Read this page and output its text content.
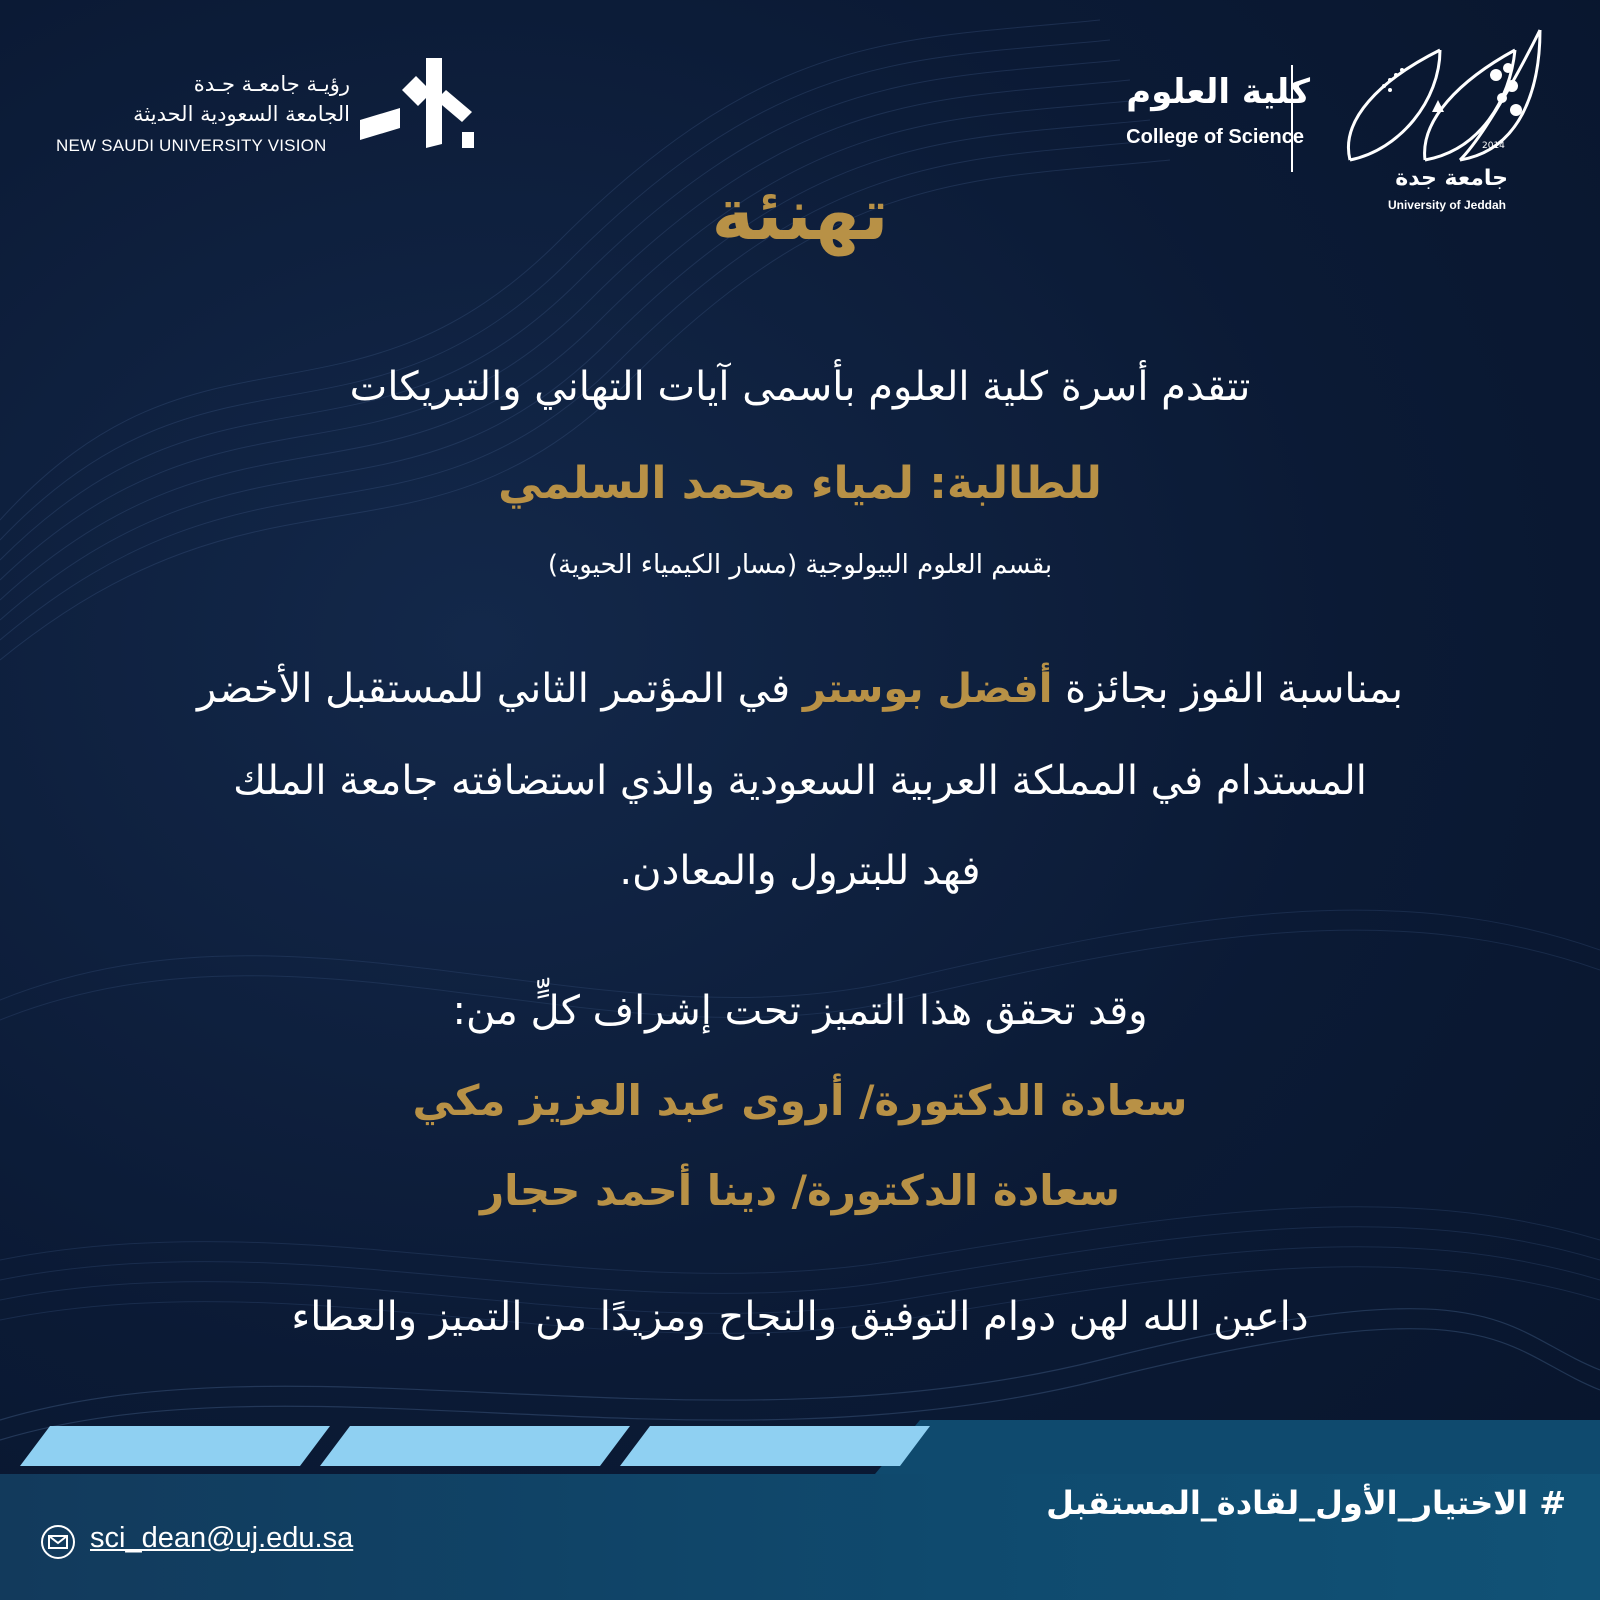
2014
كلية العلوم
College of Science
جامعة جدة
University of Jeddah
رؤيـة جامعـة جـدة
الجامعة السعودية الحديثة
NEW SAUDI UNIVERSITY VISION
تهنئة
تتقدم أسرة كلية العلوم بأسمى آيات التهاني والتبريكات
للطالبة: لمياء محمد السلمي
بقسم العلوم البيولوجية (مسار الكيمياء الحيوية)
بمناسبة الفوز بجائزة أفضل بوستر في المؤتمر الثاني للمستقبل الأخضر
المستدام في المملكة العربية السعودية والذي استضافته جامعة الملك
فهد للبترول والمعادن.
وقد تحقق هذا التميز تحت إشراف كلٍّ من:
سعادة الدكتورة/ أروى عبد العزيز مكي
سعادة الدكتورة/ دينا أحمد حجار
داعين الله لهن دوام التوفيق والنجاح ومزيدًا من التميز والعطاء
# الاختيار_الأول_لقادة_المستقبل
sci_dean@uj.edu.sa
